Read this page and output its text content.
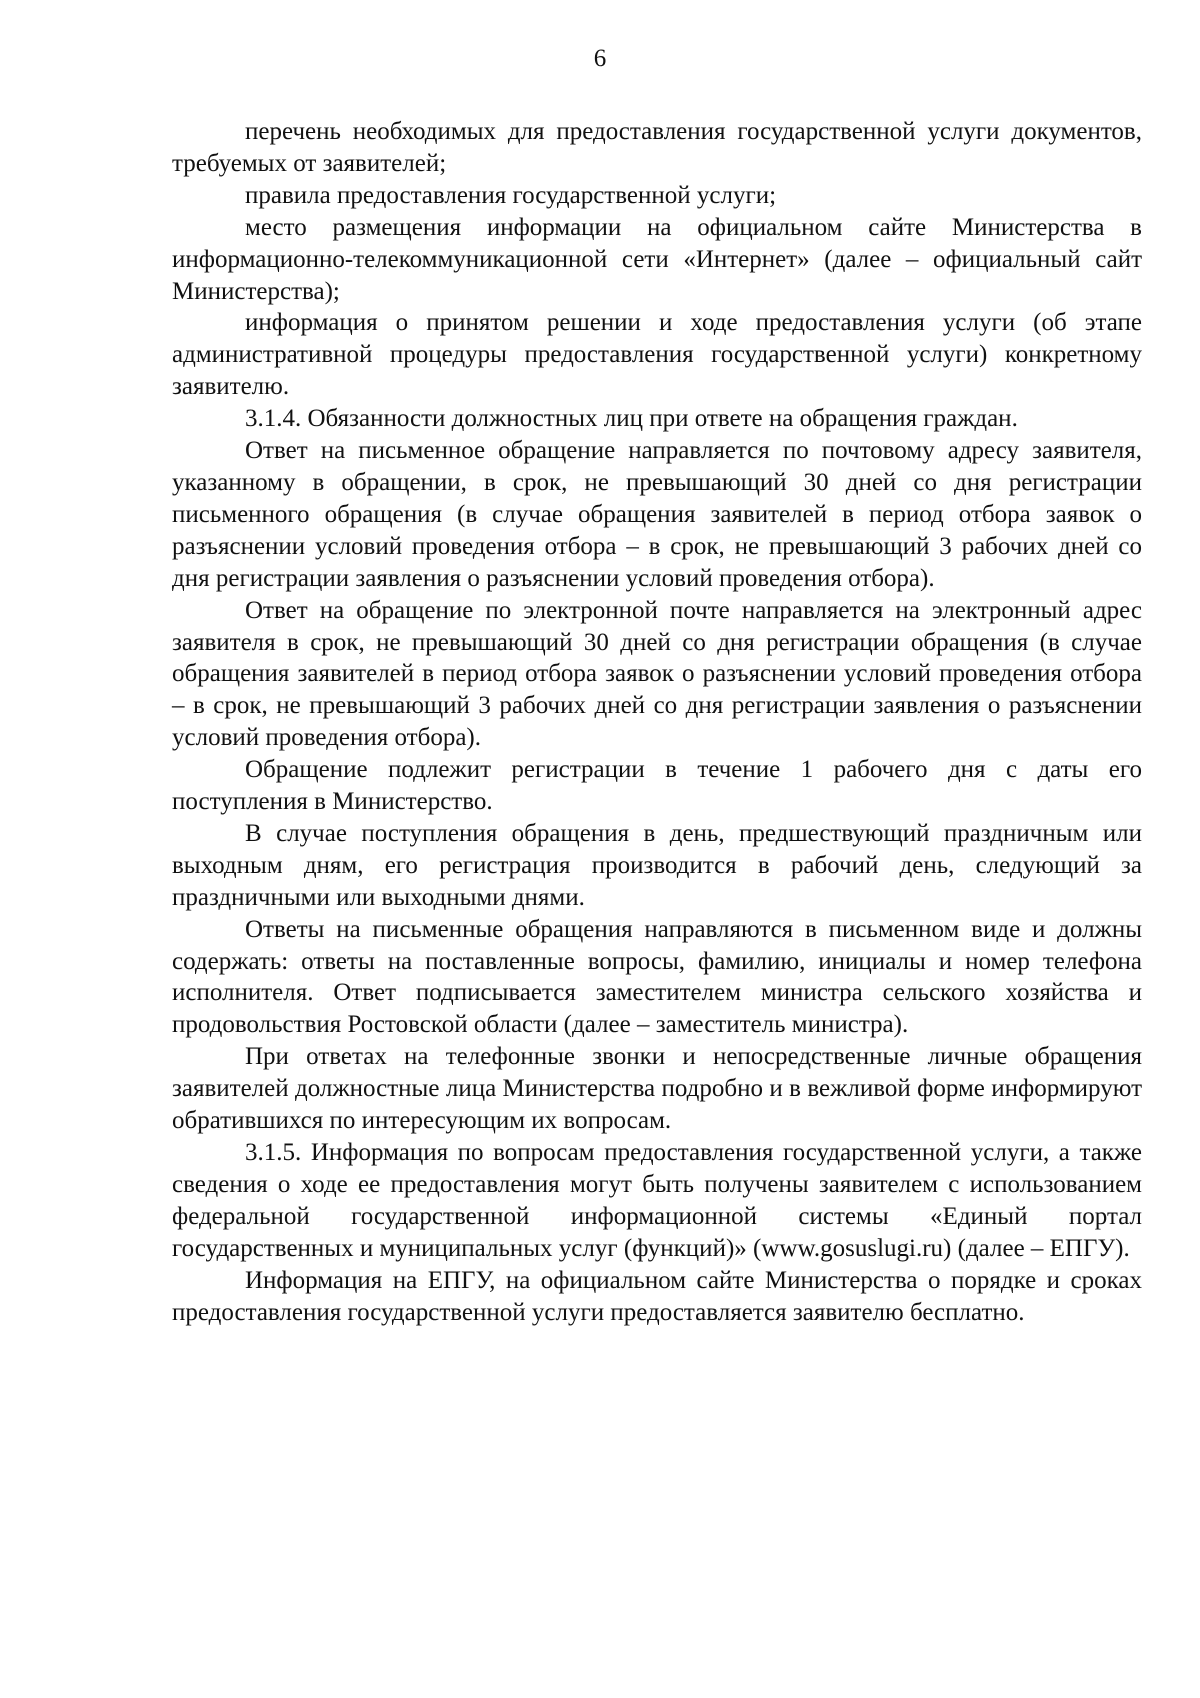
6

перечень необходимых для предоставления государственной услуги документов, требуемых от заявителей;

правила предоставления государственной услуги;

место размещения информации на официальном сайте Министерства в информационно-телекоммуникационной сети «Интернет» (далее – официальный сайт Министерства);

информация о принятом решении и ходе предоставления услуги (об этапе административной процедуры предоставления государственной услуги) конкретному заявителю.

3.1.4. Обязанности должностных лиц при ответе на обращения граждан.

Ответ на письменное обращение направляется по почтовому адресу заявителя, указанному в обращении, в срок, не превышающий 30 дней со дня регистрации письменного обращения (в случае обращения заявителей в период отбора заявок о разъяснении условий проведения отбора – в срок, не превышающий 3 рабочих дней со дня регистрации заявления о разъяснении условий проведения отбора).

Ответ на обращение по электронной почте направляется на электронный адрес заявителя в срок, не превышающий 30 дней со дня регистрации обращения (в случае обращения заявителей в период отбора заявок о разъяснении условий проведения отбора – в срок, не превышающий 3 рабочих дней со дня регистрации заявления о разъяснении условий проведения отбора).

Обращение подлежит регистрации в течение 1 рабочего дня с даты его поступления в Министерство.

В случае поступления обращения в день, предшествующий праздничным или выходным дням, его регистрация производится в рабочий день, следующий за праздничными или выходными днями.

Ответы на письменные обращения направляются в письменном виде и должны содержать: ответы на поставленные вопросы, фамилию, инициалы и номер телефона исполнителя. Ответ подписывается заместителем министра сельского хозяйства и продовольствия Ростовской области (далее – заместитель министра).

При ответах на телефонные звонки и непосредственные личные обращения заявителей должностные лица Министерства подробно и в вежливой форме информируют обратившихся по интересующим их вопросам.

3.1.5. Информация по вопросам предоставления государственной услуги, а также сведения о ходе ее предоставления могут быть получены заявителем с использованием федеральной государственной информационной системы «Единый портал государственных и муниципальных услуг (функций)» (www.gosuslugi.ru) (далее – ЕПГУ).

Информация на ЕПГУ, на официальном сайте Министерства о порядке и сроках предоставления государственной услуги предоставляется заявителю бесплатно.
